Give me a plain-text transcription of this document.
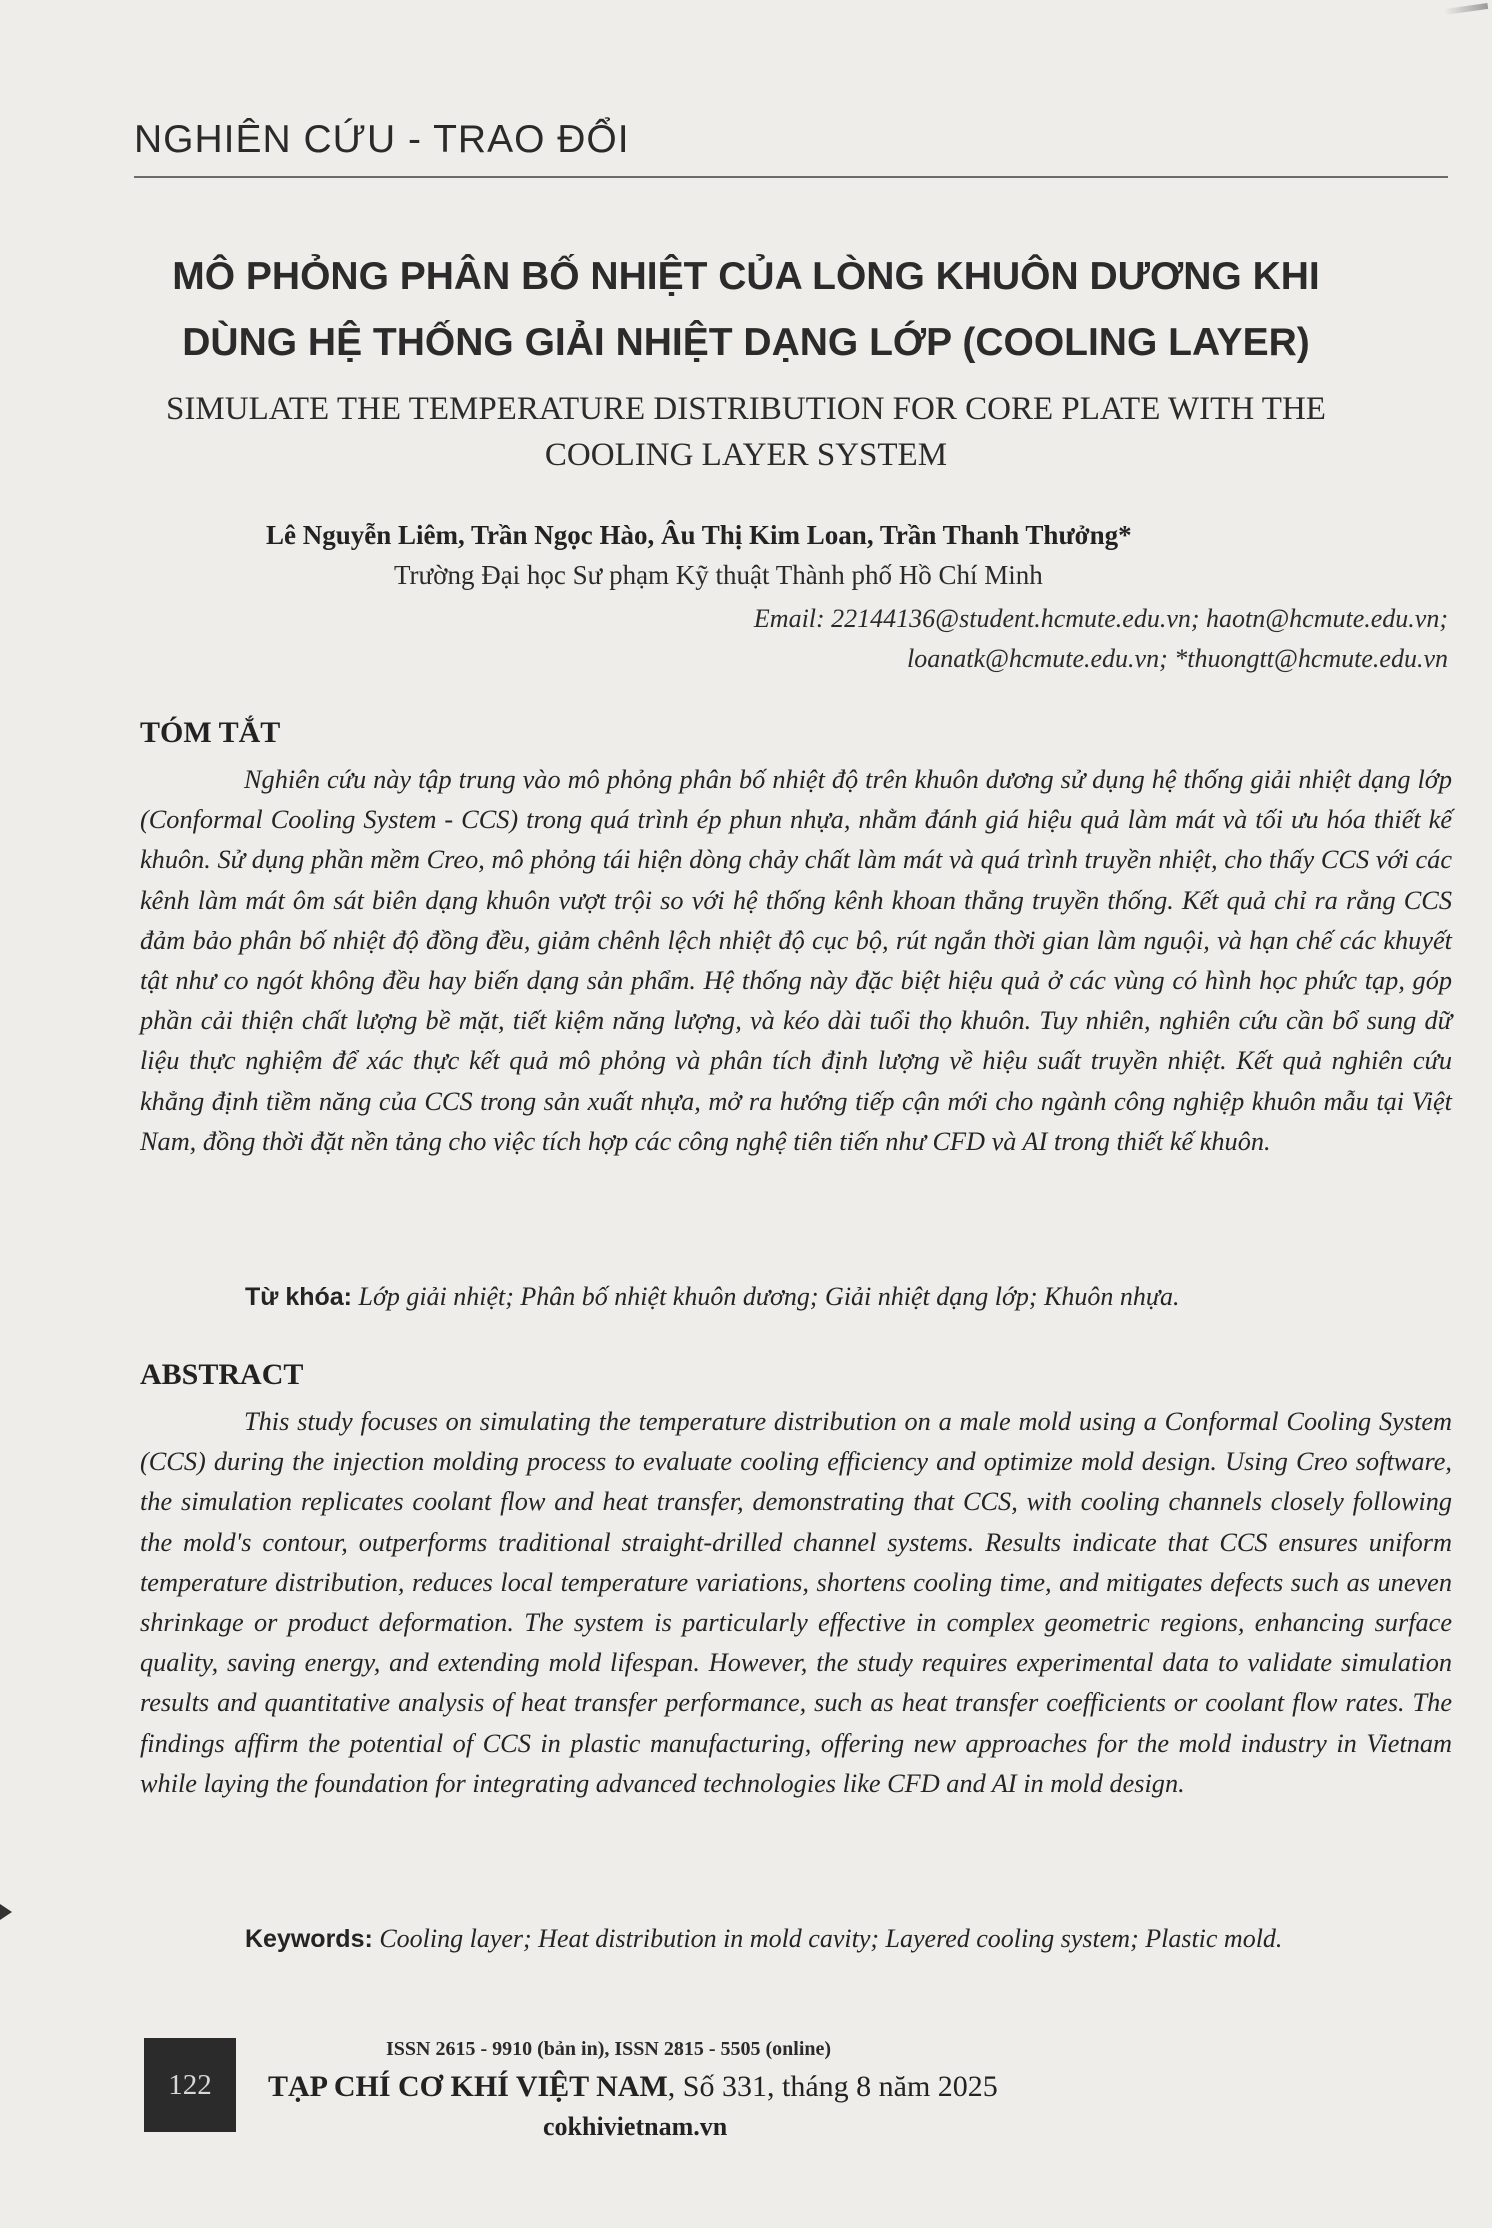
NGHIÊN CỨU - TRAO ĐỔI
MÔ PHỎNG PHÂN BỐ NHIỆT CỦA LÒNG KHUÔN DƯƠNG KHI
DÙNG HỆ THỐNG GIẢI NHIỆT DẠNG LỚP (COOLING LAYER)
SIMULATE THE TEMPERATURE DISTRIBUTION FOR CORE PLATE WITH THE
COOLING LAYER SYSTEM
Lê Nguyễn Liêm, Trần Ngọc Hào, Âu Thị Kim Loan, Trần Thanh Thưởng*
Trường Đại học Sư phạm Kỹ thuật Thành phố Hồ Chí Minh
Email: 22144136@student.hcmute.edu.vn; haotn@hcmute.edu.vn;
loanatk@hcmute.edu.vn; *thuongtt@hcmute.edu.vn
TÓM TẮT
Nghiên cứu này tập trung vào mô phỏng phân bố nhiệt độ trên khuôn dương sử dụng hệ thống giải nhiệt dạng lớp (Conformal Cooling System - CCS) trong quá trình ép phun nhựa, nhằm đánh giá hiệu quả làm mát và tối ưu hóa thiết kế khuôn. Sử dụng phần mềm Creo, mô phỏng tái hiện dòng chảy chất làm mát và quá trình truyền nhiệt, cho thấy CCS với các kênh làm mát ôm sát biên dạng khuôn vượt trội so với hệ thống kênh khoan thẳng truyền thống. Kết quả chỉ ra rằng CCS đảm bảo phân bố nhiệt độ đồng đều, giảm chênh lệch nhiệt độ cục bộ, rút ngắn thời gian làm nguội, và hạn chế các khuyết tật như co ngót không đều hay biến dạng sản phẩm. Hệ thống này đặc biệt hiệu quả ở các vùng có hình học phức tạp, góp phần cải thiện chất lượng bề mặt, tiết kiệm năng lượng, và kéo dài tuổi thọ khuôn. Tuy nhiên, nghiên cứu cần bổ sung dữ liệu thực nghiệm để xác thực kết quả mô phỏng và phân tích định lượng về hiệu suất truyền nhiệt. Kết quả nghiên cứu khẳng định tiềm năng của CCS trong sản xuất nhựa, mở ra hướng tiếp cận mới cho ngành công nghiệp khuôn mẫu tại Việt Nam, đồng thời đặt nền tảng cho việc tích hợp các công nghệ tiên tiến như CFD và AI trong thiết kế khuôn.
Từ khóa: Lớp giải nhiệt; Phân bố nhiệt khuôn dương; Giải nhiệt dạng lớp; Khuôn nhựa.
ABSTRACT
This study focuses on simulating the temperature distribution on a male mold using a Conformal Cooling System (CCS) during the injection molding process to evaluate cooling efficiency and optimize mold design. Using Creo software, the simulation replicates coolant flow and heat transfer, demonstrating that CCS, with cooling channels closely following the mold's contour, outperforms traditional straight-drilled channel systems. Results indicate that CCS ensures uniform temperature distribution, reduces local temperature variations, shortens cooling time, and mitigates defects such as uneven shrinkage or product deformation. The system is particularly effective in complex geometric regions, enhancing surface quality, saving energy, and extending mold lifespan. However, the study requires experimental data to validate simulation results and quantitative analysis of heat transfer performance, such as heat transfer coefficients or coolant flow rates. The findings affirm the potential of CCS in plastic manufacturing, offering new approaches for the mold industry in Vietnam while laying the foundation for integrating advanced technologies like CFD and AI in mold design.
Keywords: Cooling layer; Heat distribution in mold cavity; Layered cooling system; Plastic mold.
122
ISSN 2615 - 9910 (bản in), ISSN 2815 - 5505 (online)
TẠP CHÍ CƠ KHÍ VIỆT NAM, Số 331, tháng 8 năm 2025
cokhivietnam.vn
